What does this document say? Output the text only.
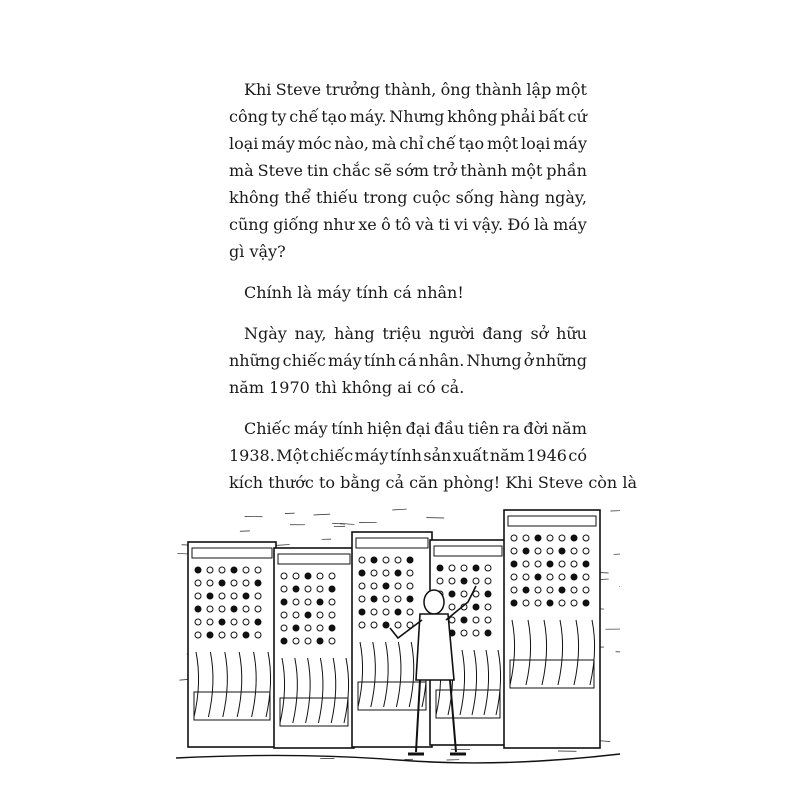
Khi Steve trưởng thành, ông thành lập một
công ty chế tạo máy. Nhưng không phải bất cứ
loại máy móc nào, mà chỉ chế tạo một loại máy
mà Steve tin chắc sẽ sớm trở thành một phần
không thể thiếu trong cuộc sống hàng ngày,
cũng giống như xe ô tô và ti vi vậy. Đó là máy
gì vậy?
Chính là máy tính cá nhân!
Ngày nay, hàng triệu người đang sở hữu
những chiếc máy tính cá nhân. Nhưng ở những
năm 1970 thì không ai có cả.
Chiếc máy tính hiện đại đầu tiên ra đời năm
1938. Một chiếc máy tính sản xuất năm 1946 có
kích thước to bằng cả căn phòng! Khi Steve còn là
